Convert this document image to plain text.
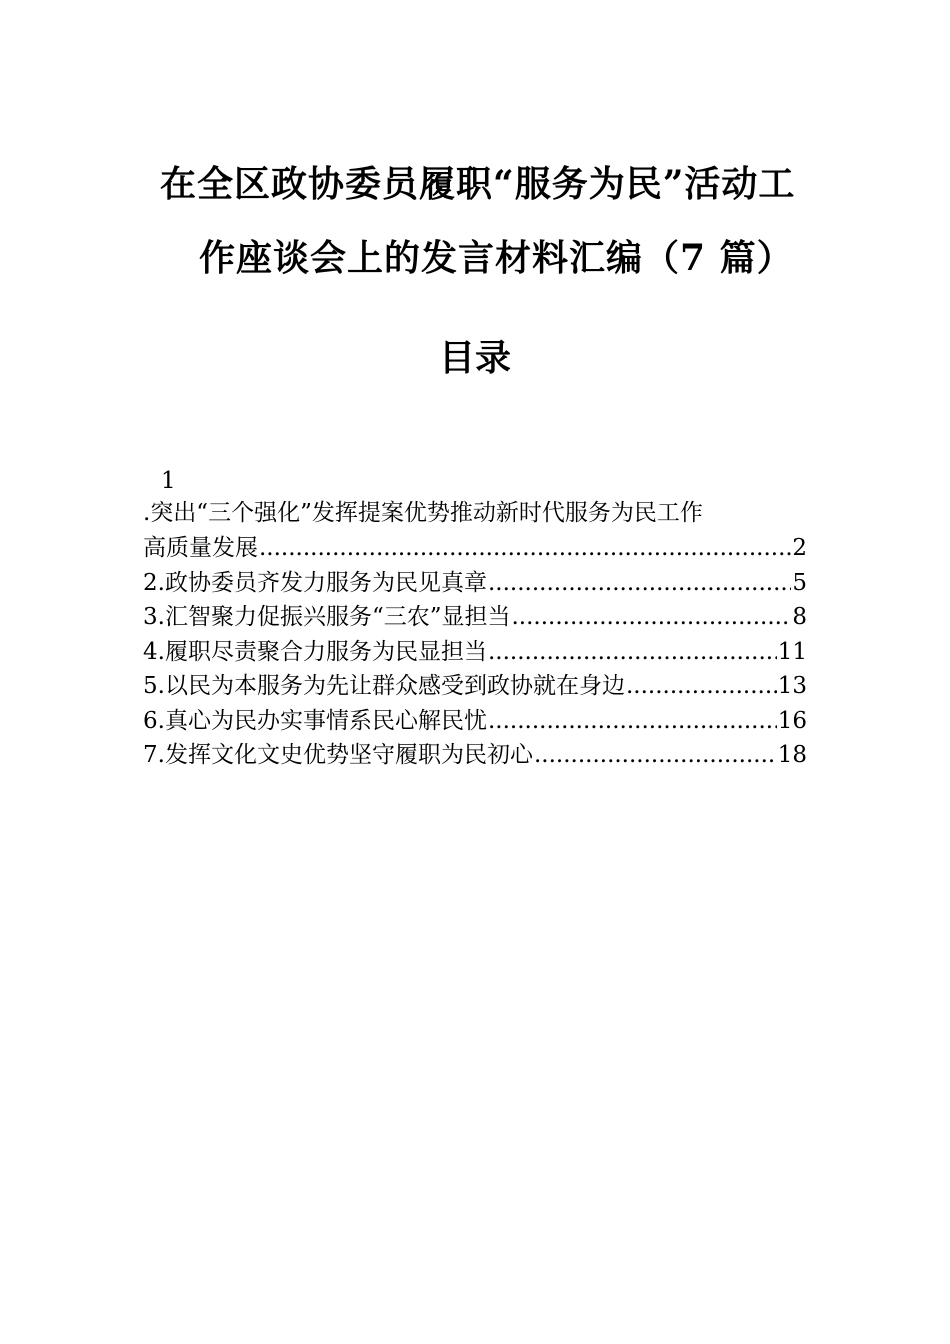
在全区政协委员履职“服务为民”活动工
作座谈会上的发言材料汇编（7 篇）
目录
1
.突出“三个强化”发挥提案优势推动新时代服务为民工作
高质量发展 .....	2
2.政协委员齐发力服务为民见真章 .....	5
3.汇智聚力促振兴服务“三农”显担当 .....	8
4.履职尽责聚合力服务为民显担当 .....	11
5.以民为本服务为先让群众感受到政协就在身边 .....	13
6.真心为民办实事情系民心解民忧 .....	16
7.发挥文化文史优势坚守履职为民初心 .....	18
